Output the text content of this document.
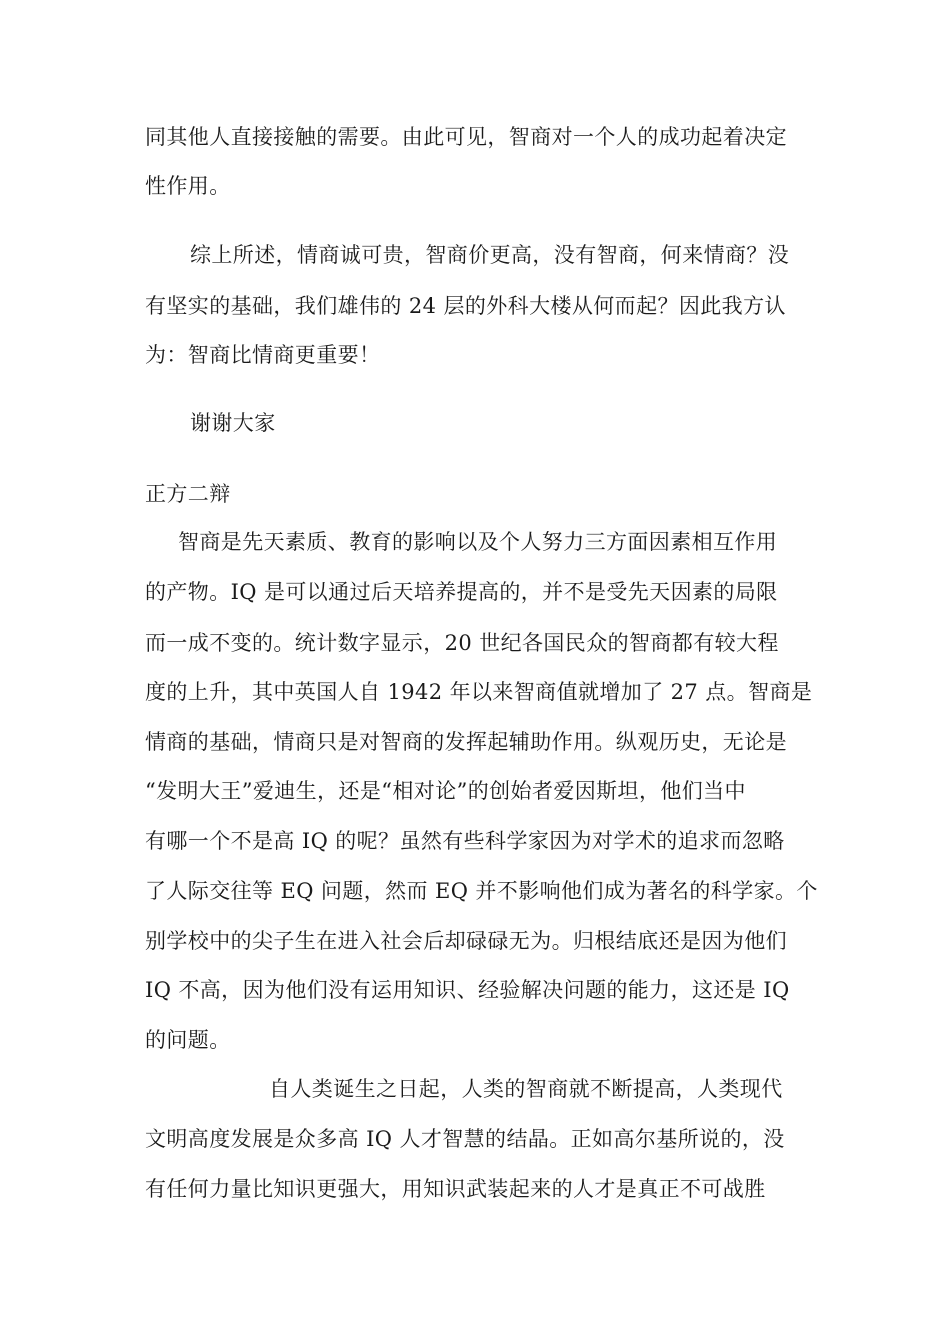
同其他人直接接触的需要。由此可见，智商对一个人的成功起着决定
性作用。
综上所述，情商诚可贵，智商价更高，没有智商，何来情商？没
有坚实的基础，我们雄伟的 24 层的外科大楼从何而起？因此我方认
为：智商比情商更重要！
谢谢大家
正方二辩
智商是先天素质、教育的影响以及个人努力三方面因素相互作用
的产物。IQ 是可以通过后天培养提高的，并不是受先天因素的局限
而一成不变的。统计数字显示，20 世纪各国民众的智商都有较大程
度的上升，其中英国人自 1942 年以来智商值就增加了 27 点。智商是
情商的基础，情商只是对智商的发挥起辅助作用。纵观历史，无论是
“发明大王”爱迪生，还是“相对论”的创始者爱因斯坦，他们当中
有哪一个不是高 IQ 的呢？虽然有些科学家因为对学术的追求而忽略
了人际交往等 EQ 问题，然而 EQ 并不影响他们成为著名的科学家。个
别学校中的尖子生在进入社会后却碌碌无为。归根结底还是因为他们
IQ 不高，因为他们没有运用知识、经验解决问题的能力，这还是 IQ
的问题。
自人类诞生之日起，人类的智商就不断提高，人类现代
文明高度发展是众多高 IQ 人才智慧的结晶。正如高尔基所说的，没
有任何力量比知识更强大，用知识武装起来的人才是真正不可战胜
